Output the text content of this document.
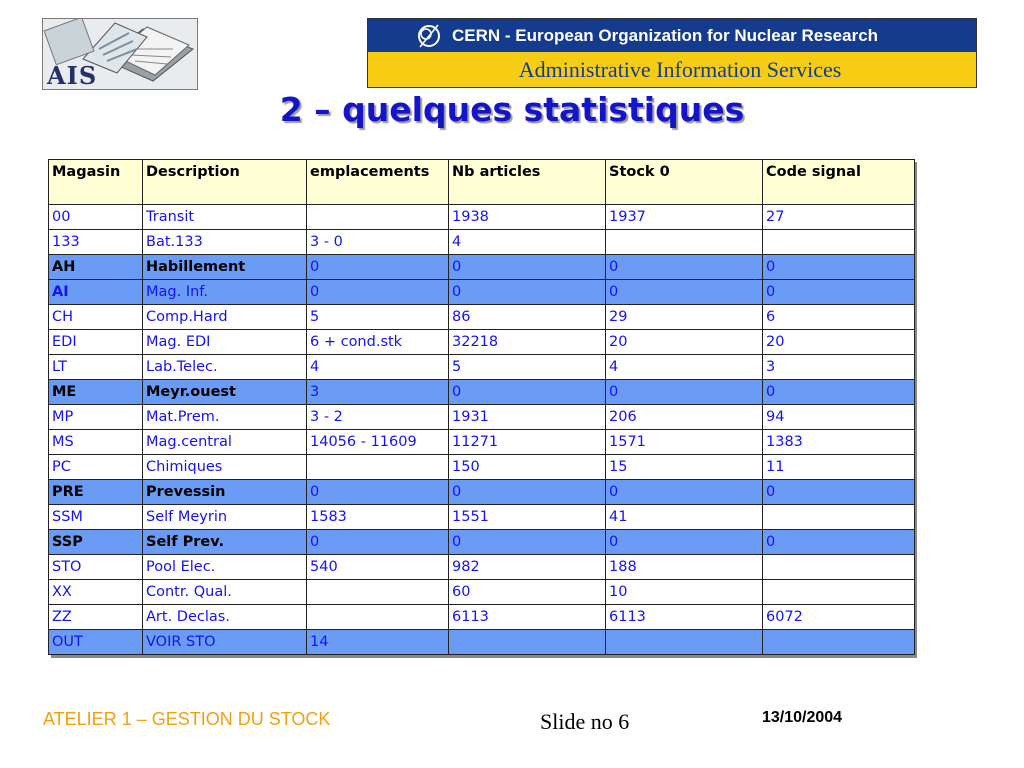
AIS
CERN - European Organization for Nuclear Research
Administrative Information Services
2 – quelques statistiques
Magasin	Description	emplacements	Nb articles	Stock 0	Code signal
00	Transit		1938	1937	27
133	Bat.133	3 - 0	4		
AH	Habillement	0	0	0	0
AI	Mag. Inf.	0	0	0	0
CH	Comp.Hard	5	86	29	6
EDI	Mag. EDI	6 + cond.stk	32218	20	20
LT	Lab.Telec.	4	5	4	3
ME	Meyr.ouest	3	0	0	0
MP	Mat.Prem.	3 - 2	1931	206	94
MS	Mag.central	14056 - 11609	11271	1571	1383
PC	Chimiques		150	15	11
PRE	Prevessin	0	0	0	0
SSM	Self Meyrin	1583	1551	41	
SSP	Self Prev.	0	0	0	0
STO	Pool Elec.	540	982	188	
XX	Contr. Qual.		60	10	
ZZ	Art. Declas.		6113	6113	6072
OUT	VOIR STO	14			
ATELIER 1 – GESTION DU STOCK	Slide no 6	13/10/2004
